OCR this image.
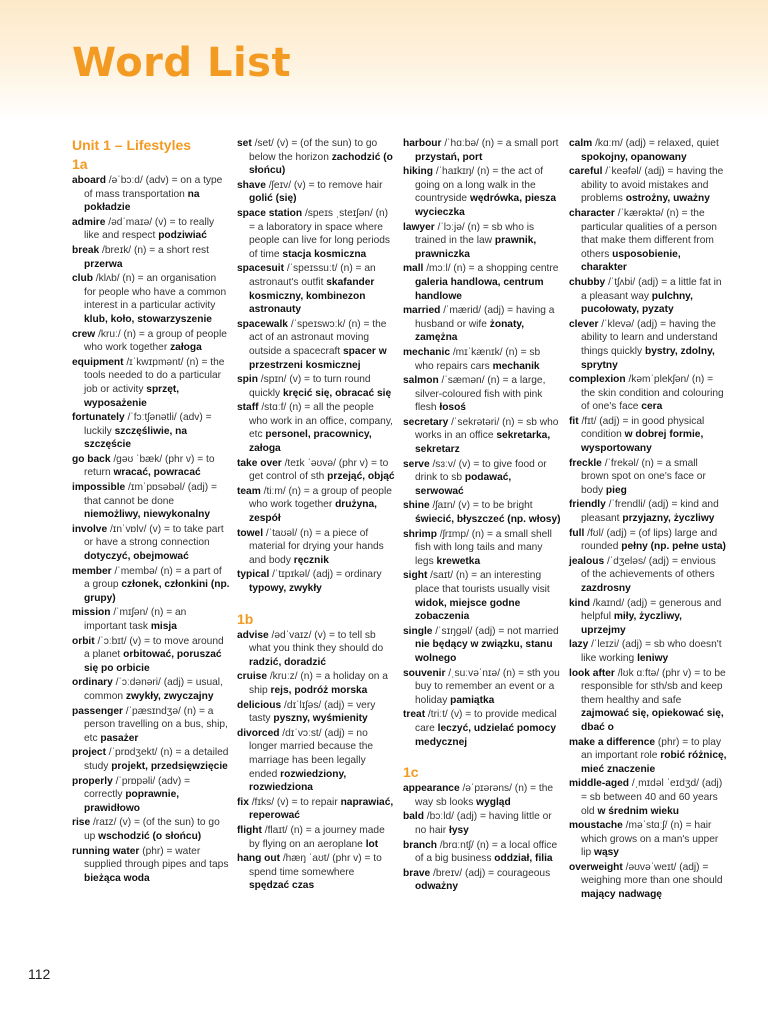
Word List
Unit 1 – Lifestyles
1a

aboard /əˈbɔːd/ (adv) = on a type of mass transportation na pokładzie

admire /ədˈmaɪə/ (v) = to really like and respect podziwiać

break /breɪk/ (n) = a short rest przerwa

club /klʌb/ (n) = an organisation for people who have a common interest in a particular activity klub, koło, stowarzyszenie

crew /kruː/ (n) = a group of people who work together załoga

equipment /ɪˈkwɪpmənt/ (n) = the tools needed to do a particular job or activity sprzęt, wyposażenie

fortunately /ˈfɔːtʃənətli/ (adv) = luckily szczęśliwie, na szczęście

go back /ɡəʊ ˈbæk/ (phr v) = to return wracać, powracać

impossible /ɪmˈpɒsəbəl/ (adj) = that cannot be done niemożliwy, niewykonalny

involve /ɪnˈvɒlv/ (v) = to take part or have a strong connection dotyczyć, obejmować

member /ˈmembə/ (n) = a part of a group członek, członkini (np. grupy)

mission /ˈmɪʃən/ (n) = an important task misja

orbit /ˈɔːbɪt/ (v) = to move around a planet orbitować, poruszać się po orbicie

ordinary /ˈɔːdənəri/ (adj) = usual, common zwykły, zwyczajny

passenger /ˈpæsɪndʒə/ (n) = a person travelling on a bus, ship, etc pasażer

project /ˈprɒdʒekt/ (n) = a detailed study projekt, przedsięwzięcie

properly /ˈprɒpəli/ (adv) = correctly poprawnie, prawidłowo

rise /raɪz/ (v) = (of the sun) to go up wschodzić (o słońcu)

running water (phr) = water supplied through pipes and taps bieżąca woda

set /set/ (v) = (of the sun) to go below the horizon zachodzić (o słońcu)

shave /ʃeɪv/ (v) = to remove hair golić (się)

space station /speɪs ˌsteɪʃən/ (n) = a laboratory in space where people can live for long periods of time stacja kosmiczna

spacesuit /ˈspeɪssuːt/ (n) = an astronaut's outfit skafander kosmiczny, kombinezon astronauty

spacewalk /ˈspeɪswɔːk/ (n) = the act of an astronaut moving outside a spacecraft spacer w przestrzeni kosmicznej

spin /spɪn/ (v) = to turn round quickly kręcić się, obracać się

staff /stɑːf/ (n) = all the people who work in an office, company, etc personel, pracownicy, załoga

take over /teɪk ˈəʊvə/ (phr v) = to get control of sth przejąć, objąć

team /tiːm/ (n) = a group of people who work together drużyna, zespół

towel /ˈtaʊəl/ (n) = a piece of material for drying your hands and body ręcznik

typical /ˈtɪpɪkəl/ (adj) = ordinary typowy, zwykły

1b

advise /ədˈvaɪz/ (v) = to tell sb what you think they should do radzić, doradzić

cruise /kruːz/ (n) = a holiday on a ship rejs, podróż morska

delicious /dɪˈlɪʃəs/ (adj) = very tasty pyszny, wyśmienity

divorced /dɪˈvɔːst/ (adj) = no longer married because the marriage has been legally ended rozwiedziony, rozwiedziona

fix /fɪks/ (v) = to repair naprawiać, reperować

flight /flaɪt/ (n) = a journey made by flying on an aeroplane lot

hang out /hæŋ ˈaʊt/ (phr v) = to spend time somewhere spędzać czas

harbour /ˈhɑːbə/ (n) = a small port przystań, port

hiking /ˈhaɪkɪŋ/ (n) = the act of going on a long walk in the countryside wędrówka, piesza wycieczka

lawyer /ˈlɔːjə/ (n) = sb who is trained in the law prawnik, prawniczka

mall /mɔːl/ (n) = a shopping centre galeria handlowa, centrum handlowe

married /ˈmærid/ (adj) = having a husband or wife żonaty, zamężna

mechanic /mɪˈkænɪk/ (n) = sb who repairs cars mechanik

salmon /ˈsæmən/ (n) = a large, silver-coloured fish with pink flesh łosoś

secretary /ˈsekrətəri/ (n) = sb who works in an office sekretarka, sekretarz

serve /sɜːv/ (v) = to give food or drink to sb podawać, serwować

shine /ʃaɪn/ (v) = to be bright świecić, błyszczeć (np. włosy)

shrimp /ʃrɪmp/ (n) = a small shell fish with long tails and many legs krewetka

sight /saɪt/ (n) = an interesting place that tourists usually visit widok, miejsce godne zobaczenia

single /ˈsɪŋɡəl/ (adj) = not married nie będący w związku, stanu wolnego

souvenir /ˌsuːvəˈnɪə/ (n) = sth you buy to remember an event or a holiday pamiątka

treat /triːt/ (v) = to provide medical care leczyć, udzielać pomocy medycznej

1c

appearance /əˈpɪərəns/ (n) = the way sb looks wygląd

bald /bɔːld/ (adj) = having little or no hair łysy

branch /brɑːntʃ/ (n) = a local office of a big business oddział, filia

brave /breɪv/ (adj) = courageous odważny

calm /kɑːm/ (adj) = relaxed, quiet spokojny, opanowany

careful /ˈkeəfəl/ (adj) = having the ability to avoid mistakes and problems ostrożny, uważny

character /ˈkærəktə/ (n) = the particular qualities of a person that make them different from others usposobienie, charakter

chubby /ˈtʃʌbi/ (adj) = a little fat in a pleasant way pulchny, pucołowaty, pyzaty

clever /ˈklevə/ (adj) = having the ability to learn and understand things quickly bystry, zdolny, sprytny

complexion /kəmˈplekʃən/ (n) = the skin condition and colouring of one's face cera

fit /fɪt/ (adj) = in good physical condition w dobrej formie, wysportowany

freckle /ˈfrekəl/ (n) = a small brown spot on one's face or body pieg

friendly /ˈfrendli/ (adj) = kind and pleasant przyjazny, życzliwy

full /fʊl/ (adj) = (of lips) large and rounded pełny (np. pełne usta)

jealous /ˈdʒeləs/ (adj) = envious of the achievements of others zazdrosny

kind /kaɪnd/ (adj) = generous and helpful miły, życzliwy, uprzejmy

lazy /ˈleɪzi/ (adj) = sb who doesn't like working leniwy

look after /lʊk ɑːftə/ (phr v) = to be responsible for sth/sb and keep them healthy and safe zajmować się, opiekować się, dbać o

make a difference (phr) = to play an important role robić różnicę, mieć znaczenie

middle-aged /ˌmɪdəl ˈeɪdʒd/ (adj) = sb between 40 and 60 years old w średnim wieku

moustache /məˈstɑːʃ/ (n) = hair which grows on a man's upper lip wąsy

overweight /əʊvəˈweɪt/ (adj) = weighing more than one should mający nadwagę

112
